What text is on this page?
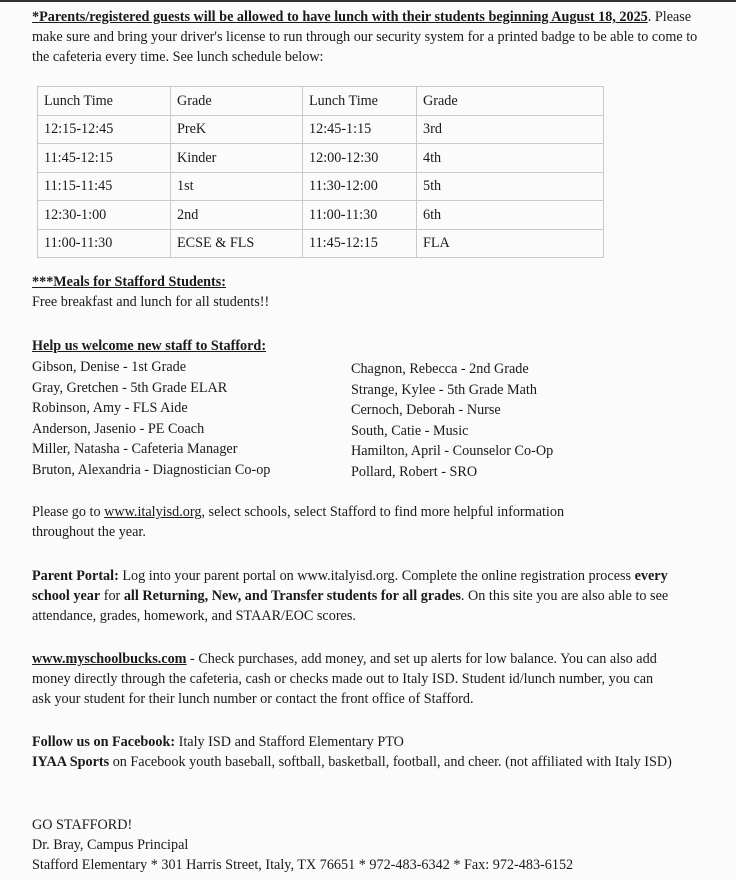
*Parents/registered guests will be allowed to have lunch with their students beginning August 18, 2025. Please make sure and bring your driver's license to run through our security system for a printed badge to be able to come to the cafeteria every time. See lunch schedule below:

Lunch Time	Grade	Lunch Time	Grade
12:15-12:45	PreK	12:45-1:15	3rd
11:45-12:15	Kinder	12:00-12:30	4th
11:15-11:45	1st	11:30-12:00	5th
12:30-1:00	2nd	11:00-11:30	6th
11:00-11:30	ECSE & FLS	11:45-12:15	FLA

***Meals for Stafford Students:

Free breakfast and lunch for all students!!

Help us welcome new staff to Stafford:

Gibson, Denise - 1st Grade
Gray, Gretchen - 5th Grade ELAR
Robinson, Amy - FLS Aide
Anderson, Jasenio - PE Coach
Miller, Natasha - Cafeteria Manager
Bruton, Alexandria - Diagnostician Co-op
Chagnon, Rebecca - 2nd Grade
Strange, Kylee - 5th Grade Math
Cernoch, Deborah - Nurse
South, Catie - Music
Hamilton, April - Counselor Co-Op
Pollard, Robert - SRO

Please go to www.italyisd.org, select schools, select Stafford to find more helpful information throughout the year.

Parent Portal: Log into your parent portal on www.italyisd.org. Complete the online registration process every school year for all Returning, New, and Transfer students for all grades. On this site you are also able to see attendance, grades, homework, and STAAR/EOC scores.

www.myschoolbucks.com - Check purchases, add money, and set up alerts for low balance. You can also add money directly through the cafeteria, cash or checks made out to Italy ISD. Student id/lunch number, you can ask your student for their lunch number or contact the front office of Stafford.

Follow us on Facebook: Italy ISD and Stafford Elementary PTO
IYAA Sports on Facebook youth baseball, softball, basketball, football, and cheer. (not affiliated with Italy ISD)

GO STAFFORD!
Dr. Bray, Campus Principal
Stafford Elementary * 301 Harris Street, Italy, TX 76651 * 972-483-6342 * Fax: 972-483-6152
